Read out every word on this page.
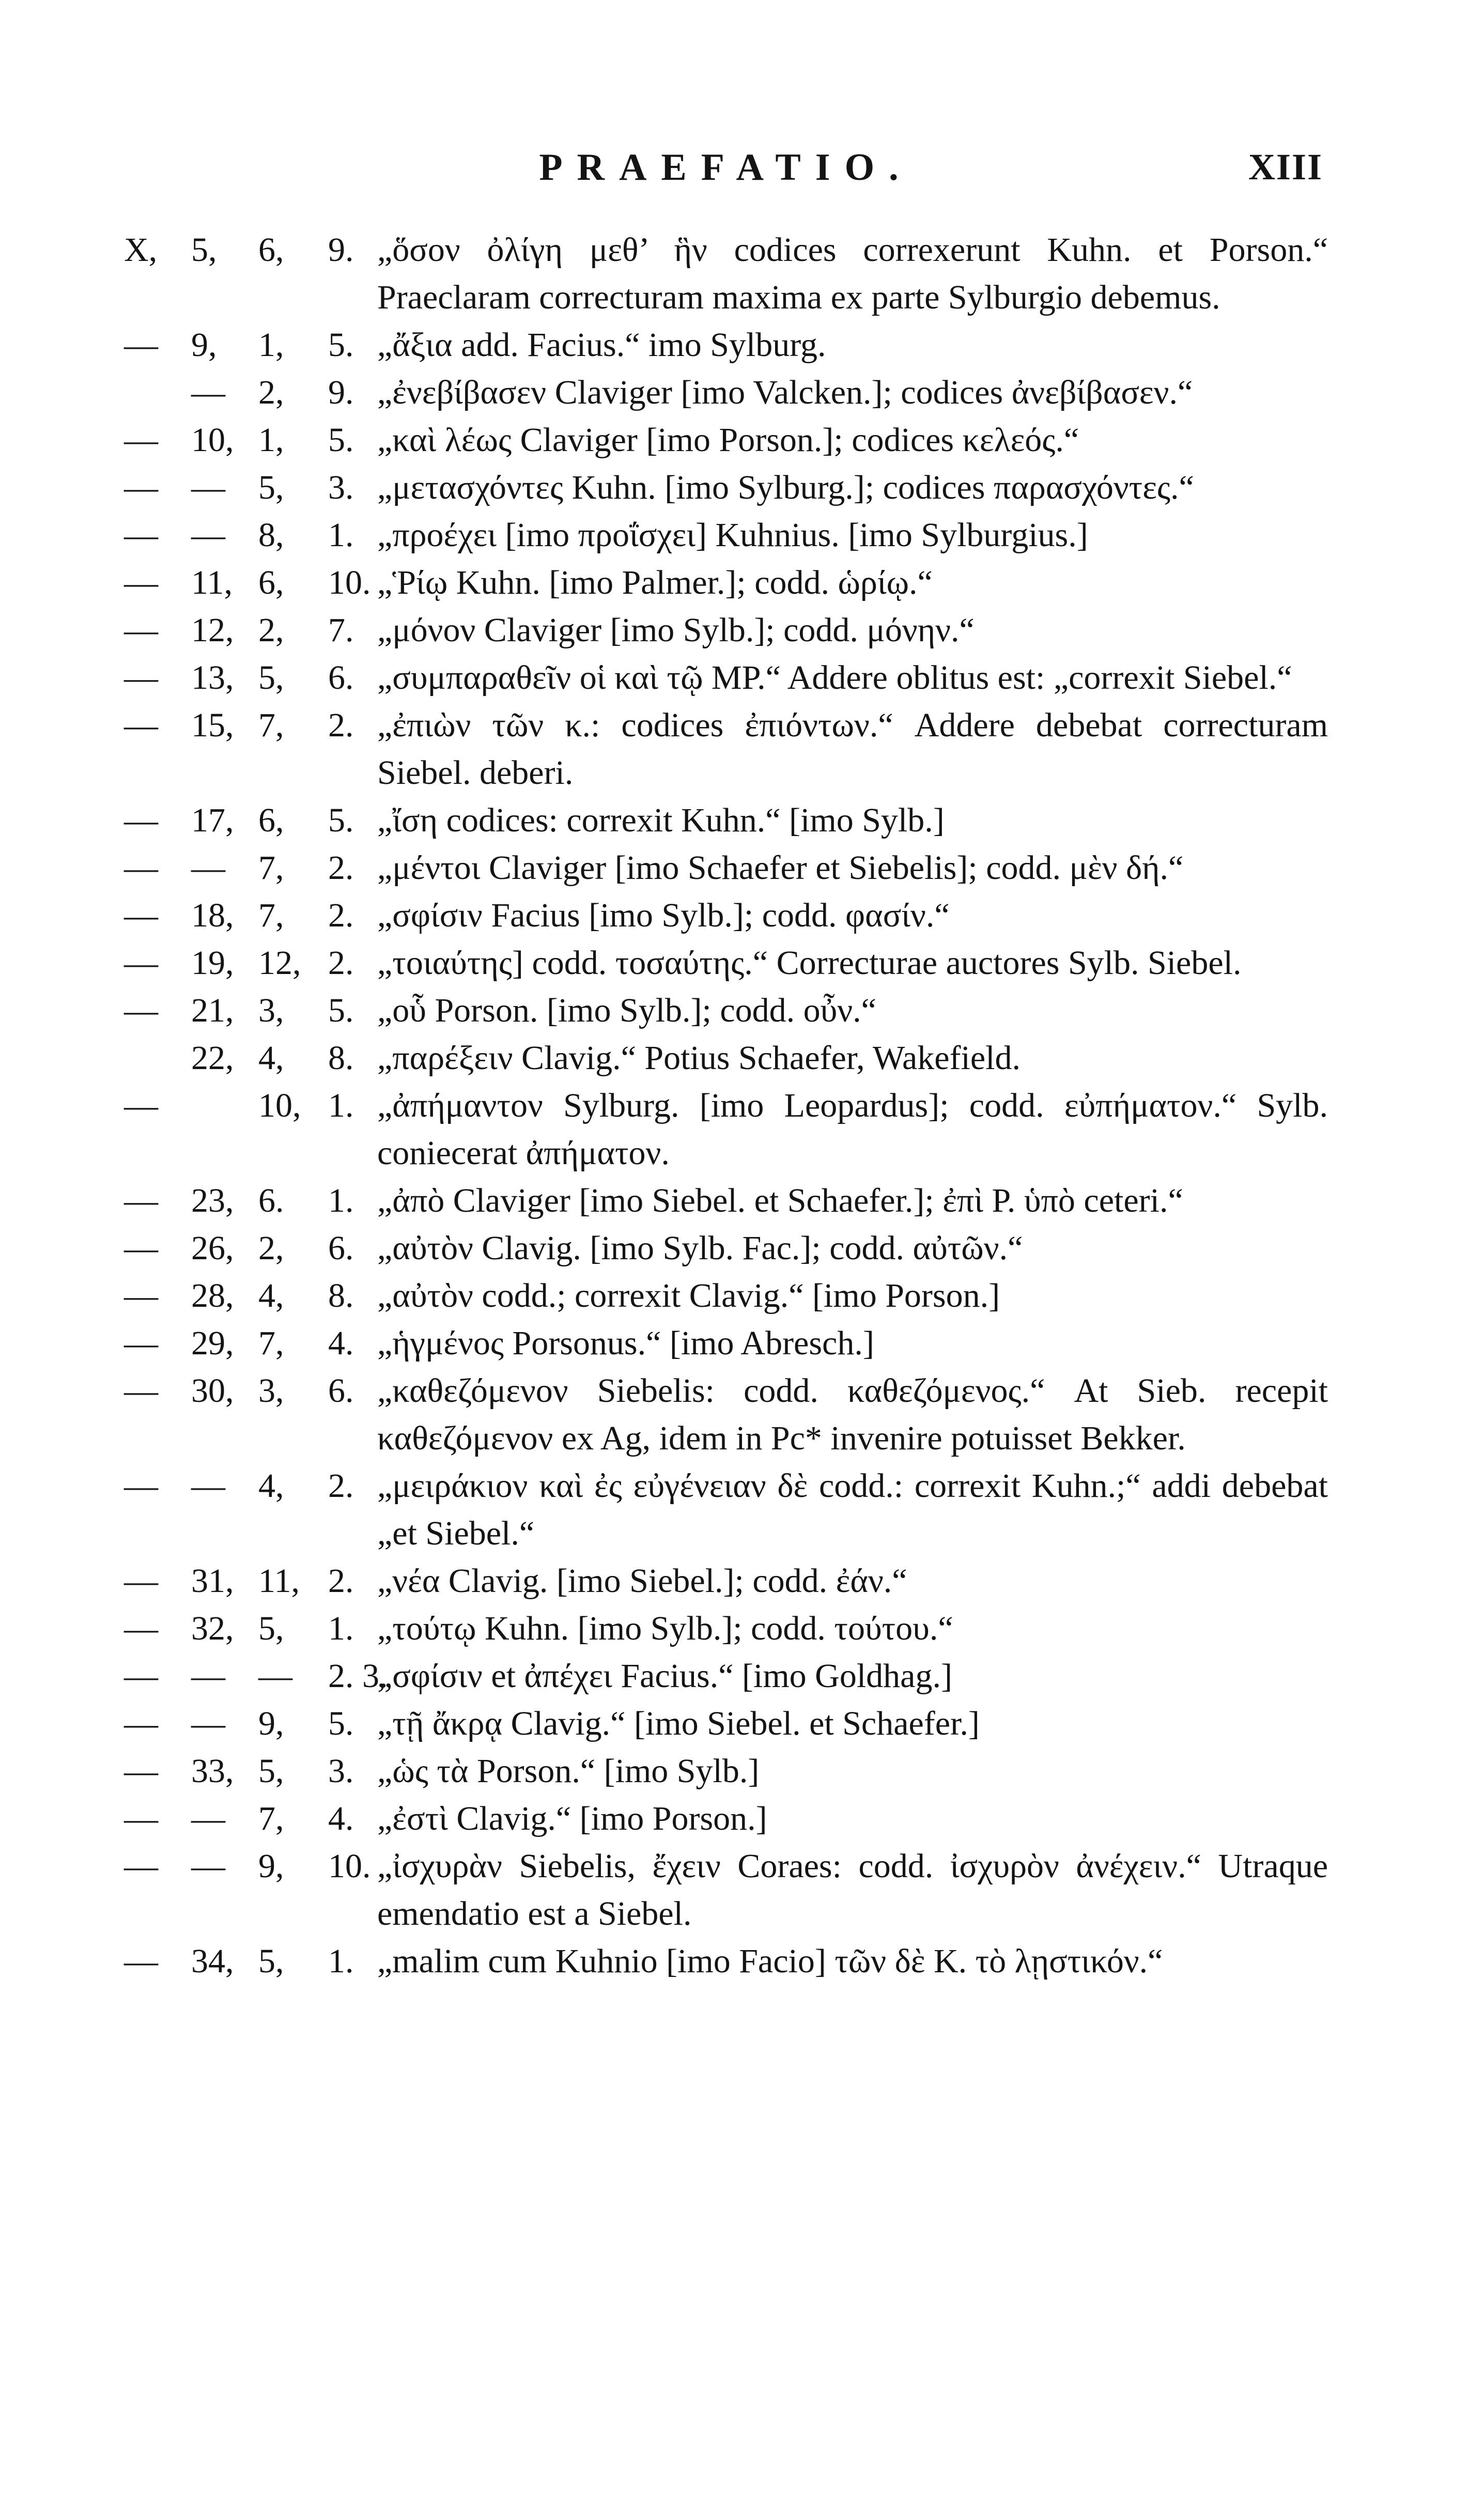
PRAEFATIO.	XIII
X, 5, 6, 9. „ὅσον ὀλίγη μεθ’ ἣν codices correxerunt Kuhn. et Porson.“ Praeclaram correcturam maxima ex parte Sylburgio debemus.
— 9, 1, 5. „ἄξια add. Facius.“ imo Sylburg.
— 2, 9. „ἐνεβίβασεν Claviger [imo Valcken.]; codices ἀνεβίβασεν.“
— 10, 1, 5. „καὶ λέως Claviger [imo Porson.]; codices κελεός.“
— — 5, 3. „μετασχόντες Kuhn. [imo Sylburg.]; codices παρασχόντες.“
— — 8, 1. „προέχει [imo προΐσχει] Kuhnius. [imo Sylburgius.]
— 11, 6, 10. „Ῥίῳ Kuhn. [imo Palmer.]; codd. ὡρίῳ.“
— 12, 2, 7. „μόνον Claviger [imo Sylb.]; codd. μόνην.“
— 13, 5, 6. „συμπαραθεῖν οἱ καὶ τῷ MP.“ Addere oblitus est: „correxit Siebel.“
— 15, 7, 2. „ἐπιὼν τῶν κ.: codices ἐπιόντων.“ Addere debebat correcturam Siebel. deberi.
— 17, 6, 5. „ἴση codices: correxit Kuhn.“ [imo Sylb.]
— — 7, 2. „μέντοι Claviger [imo Schaefer et Siebelis]; codd. μὲν δή.“
— 18, 7, 2. „σφίσιν Facius [imo Sylb.]; codd. φασίν.“
— 19, 12, 2. „τοιαύτης] codd. τοσαύτης.“ Correcturae auctores Sylb. Siebel.
— 21, 3, 5. „οὗ Porson. [imo Sylb.]; codd. οὖν.“
22, 4, 8. „παρέξειν Clavig.“ Potius Schaefer, Wakefield.
—	10, 1. „ἀπήμαντον Sylburg. [imo Leopardus]; codd. εὐπήματον.“ Sylb. coniecerat ἀπήματον.
— 23, 6. 1. „ἀπὸ Claviger [imo Siebel. et Schaefer.]; ἐπὶ P. ὑπὸ ceteri.“
— 26, 2, 6. „αὐτὸν Clavig. [imo Sylb. Fac.]; codd. αὐτῶν.“
— 28, 4, 8. „αὐτὸν codd.; correxit Clavig.“ [imo Porson.]
— 29, 7, 4. „ἡγμένος Porsonus.“ [imo Abresch.]
— 30, 3, 6. „καθεζόμενον Siebelis: codd. καθεζόμενος.“ At Sieb. recepit καθεζόμενον ex Ag, idem in Pc* invenire potuisset Bekker.
— — 4, 2. „μειράκιον καὶ ἐς εὐγένειαν δὲ codd.: correxit Kuhn.;“ addi debebat „et Siebel.“
— 31, 11, 2. „νέα Clavig. [imo Siebel.]; codd. ἐάν.“
— 32, 5, 1. „τούτῳ Kuhn. [imo Sylb.]; codd. τούτου.“
— — — 2. 3.
„σφίσιν et ἀπέχει Facius.“ [imo Goldhag.]
— — 9, 5. „τῇ ἄκρᾳ Clavig.“ [imo Siebel. et Schaefer.]
— 33, 5, 3. „ὡς τὰ Porson.“ [imo Sylb.]
— — 7, 4. „ἐστὶ Clavig.“ [imo Porson.]
— — 9, 10. „ἰσχυρὰν Siebelis, ἔχειν Coraes: codd. ἰσχυρὸν ἀνέχειν.“ Utraque emendatio est a Siebel.
— 34, 5, 1. „malim cum Kuhnio [imo Facio] τῶν δὲ Κ. τὸ λῃστικόν.“
